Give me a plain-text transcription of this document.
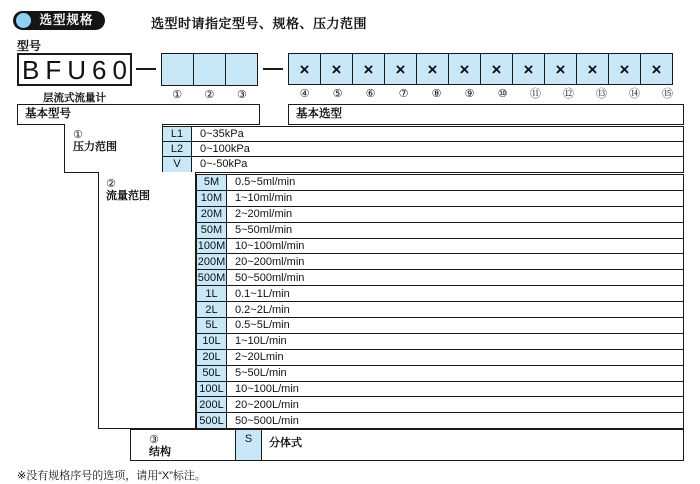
选型规格	选型时请指定型号、规格、压力范围
型号
BFU60
层流式流量计	①	②	③
× × × × × × × × × × × ×
④	⑤	⑥	⑦	⑧	⑨	⑩	⑪	⑫	⑬	⑭	⑮
基本型号	基本选型
①
压力范围
L1	0~35kPa
L2	0~100kPa
V	0~-50kPa
②
流量范围
5M	0.5~5ml/min
10M	1~10ml/min
20M	2~20ml/min
50M	5~50ml/min
100M 10~100ml/min
200M 20~200ml/min
500M 50~500ml/min
1L	0.1~1L/min
2L	0.2~2L/min
5L	0.5~5L/min
10L	1~10L/min
20L	2~20Lmin
50L	5~50L/min
100L	10~100L/min
200L	20~200L/min
500L	50~500L/min
③
结构
S	分体式
※没有规格序号的选项，请用“X”标注。
